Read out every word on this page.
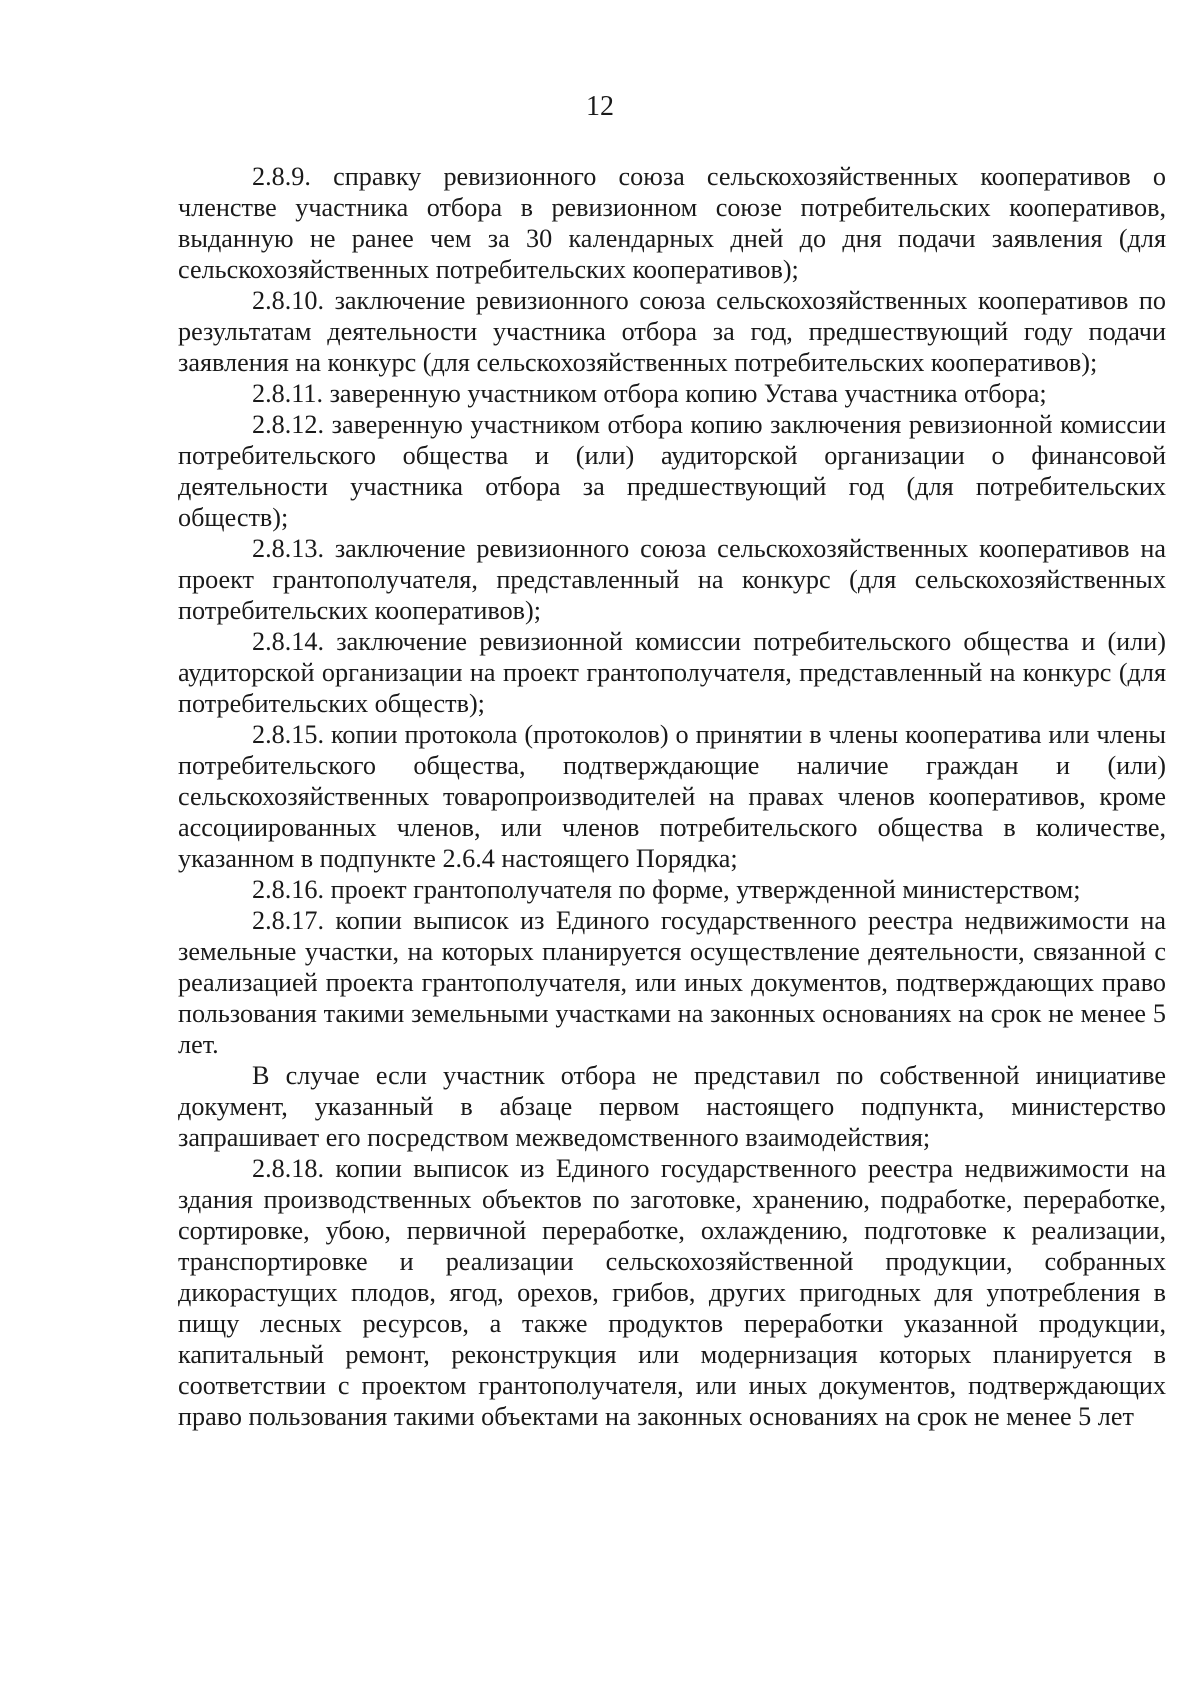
12

2.8.9. справку ревизионного союза сельскохозяйственных кооперативов о членстве участника отбора в ревизионном союзе потребительских кооперативов, выданную не ранее чем за 30 календарных дней до дня подачи заявления (для сельскохозяйственных потребительских кооперативов);

2.8.10. заключение ревизионного союза сельскохозяйственных кооперативов по результатам деятельности участника отбора за год, предшествующий году подачи заявления на конкурс (для сельскохозяйственных потребительских кооперативов);

2.8.11. заверенную участником отбора копию Устава участника отбора;

2.8.12. заверенную участником отбора копию заключения ревизионной комиссии потребительского общества и (или) аудиторской организации о финансовой деятельности участника отбора за предшествующий год (для потребительских обществ);

2.8.13. заключение ревизионного союза сельскохозяйственных кооперативов на проект грантополучателя, представленный на конкурс (для сельскохозяйственных потребительских кооперативов);

2.8.14. заключение ревизионной комиссии потребительского общества и (или) аудиторской организации на проект грантополучателя, представленный на конкурс (для потребительских обществ);

2.8.15. копии протокола (протоколов) о принятии в члены кооператива или члены потребительского общества, подтверждающие наличие граждан и (или) сельскохозяйственных товаропроизводителей на правах членов кооперативов, кроме ассоциированных членов, или членов потребительского общества в количестве, указанном в подпункте 2.6.4 настоящего Порядка;

2.8.16. проект грантополучателя по форме, утвержденной министерством;

2.8.17. копии выписок из Единого государственного реестра недвижимости на земельные участки, на которых планируется осуществление деятельности, связанной с реализацией проекта грантополучателя, или иных документов, подтверждающих право пользования такими земельными участками на законных основаниях на срок не менее 5 лет.

В случае если участник отбора не представил по собственной инициативе документ, указанный в абзаце первом настоящего подпункта, министерство запрашивает его посредством межведомственного взаимодействия;

2.8.18. копии выписок из Единого государственного реестра недвижимости на здания производственных объектов по заготовке, хранению, подработке, переработке, сортировке, убою, первичной переработке, охлаждению, подготовке к реализации, транспортировке и реализации сельскохозяйственной продукции, собранных дикорастущих плодов, ягод, орехов, грибов, других пригодных для употребления в пищу лесных ресурсов, а также продуктов переработки указанной продукции, капитальный ремонт, реконструкция или модернизация которых планируется в соответствии с проектом грантополучателя, или иных документов, подтверждающих право пользования такими объектами на законных основаниях на срок не менее 5 лет
